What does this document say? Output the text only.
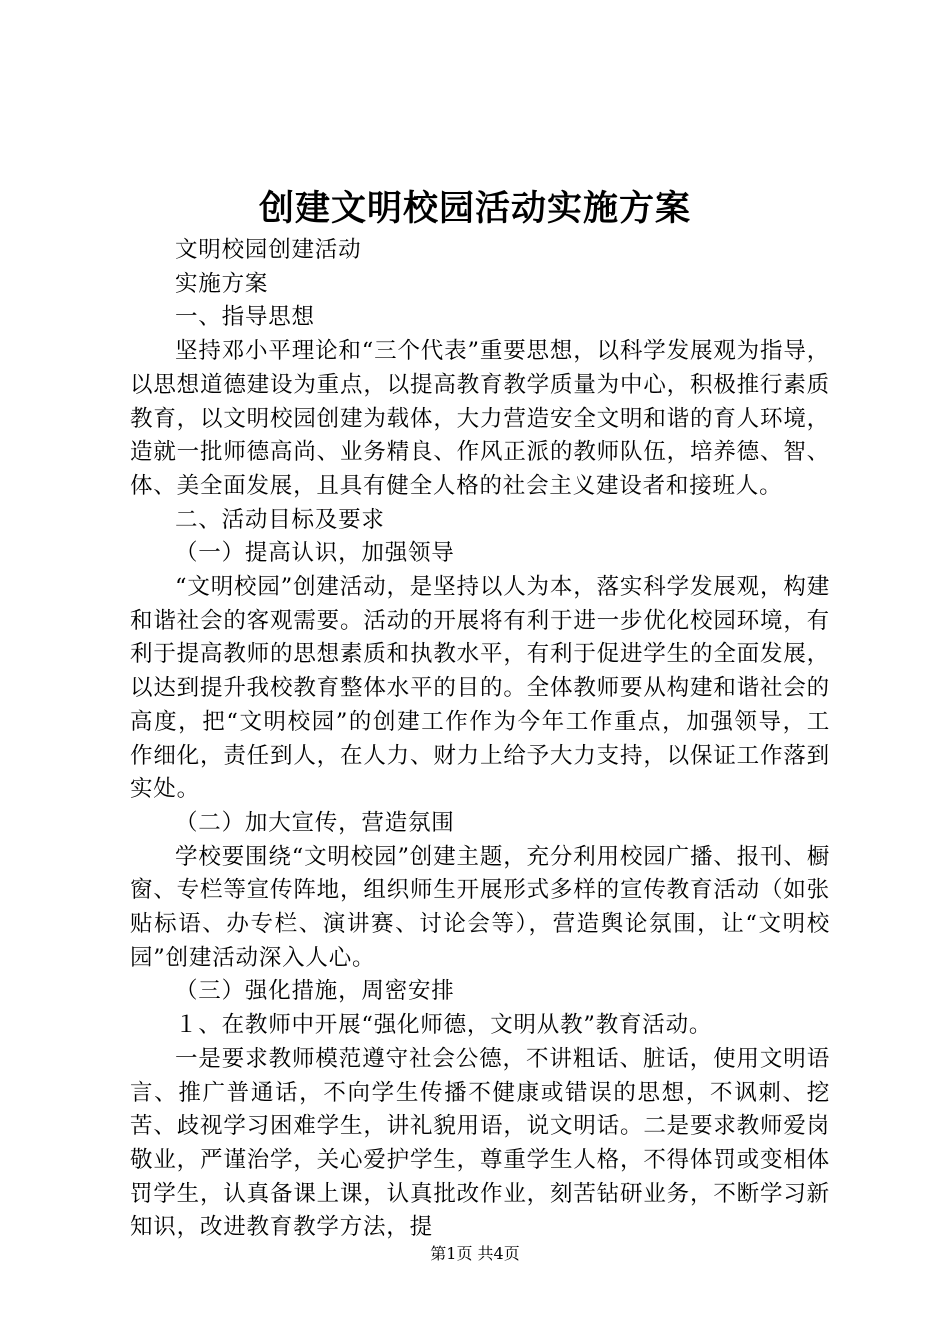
创建文明校园活动实施方案

文明校园创建活动

实施方案

一、指导思想

坚持邓小平理论和“三个代表”重要思想，以科学发展观为指导，以思想道德建设为重点，以提高教育教学质量为中心，积极推行素质教育，以文明校园创建为载体，大力营造安全文明和谐的育人环境，造就一批师德高尚、业务精良、作风正派的教师队伍，培养德、智、体、美全面发展，且具有健全人格的社会主义建设者和接班人。

二、活动目标及要求

（一）提高认识，加强领导

“文明校园”创建活动，是坚持以人为本，落实科学发展观，构建和谐社会的客观需要。活动的开展将有利于进一步优化校园环境，有利于提高教师的思想素质和执教水平，有利于促进学生的全面发展，以达到提升我校教育整体水平的目的。全体教师要从构建和谐社会的高度，把“文明校园”的创建工作作为今年工作重点，加强领导，工作细化，责任到人，在人力、财力上给予大力支持，以保证工作落到实处。

（二）加大宣传，营造氛围

学校要围绕“文明校园”创建主题，充分利用校园广播、报刊、橱窗、专栏等宣传阵地，组织师生开展形式多样的宣传教育活动（如张贴标语、办专栏、演讲赛、讨论会等），营造舆论氛围，让“文明校园”创建活动深入人心。

（三）强化措施，周密安排

１、在教师中开展“强化师德，文明从教”教育活动。

一是要求教师模范遵守社会公德，不讲粗话、脏话，使用文明语言、推广普通话，不向学生传播不健康或错误的思想，不讽刺、挖苦、歧视学习困难学生，讲礼貌用语，说文明话。二是要求教师爱岗敬业，严谨治学，关心爱护学生，尊重学生人格，不得体罚或变相体罚学生，认真备课上课，认真批改作业，刻苦钻研业务，不断学习新知识，改进教育教学方法，提

第1页 共4页
